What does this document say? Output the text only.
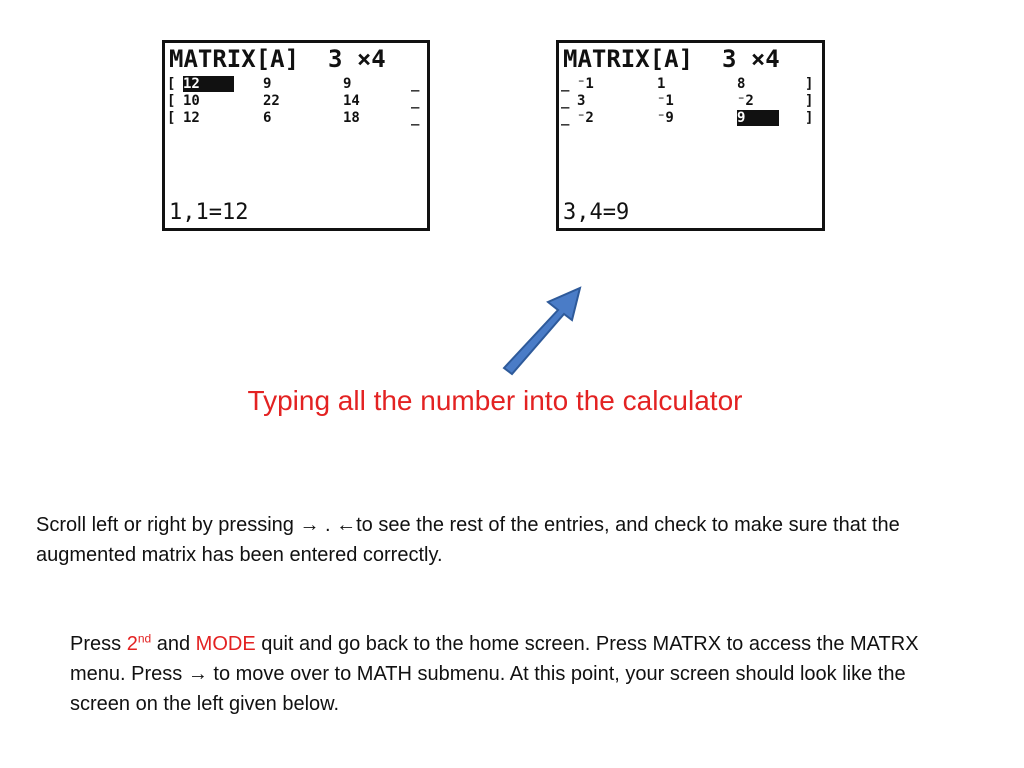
MATRIX[A]  3 ×4
[ 12	9	9	_
[ 10	22	14	_
[ 12	6	18	_
1,1=12
MATRIX[A]  3 ×4
_ ⁻1	1	8	]
_ 3	⁻1	⁻2	]
_ ⁻2	⁻9	9	]
3,4=9
Typing all the number into the calculator
Scroll left or right by pressing → . ←to see the rest of the entries, and check to make sure that the augmented matrix has been entered correctly.
Press 2nd and MODE quit and go back to the home screen. Press MATRX to access the MATRX menu. Press → to move over to MATH submenu. At this point, your screen should look like the screen on the left given below.
